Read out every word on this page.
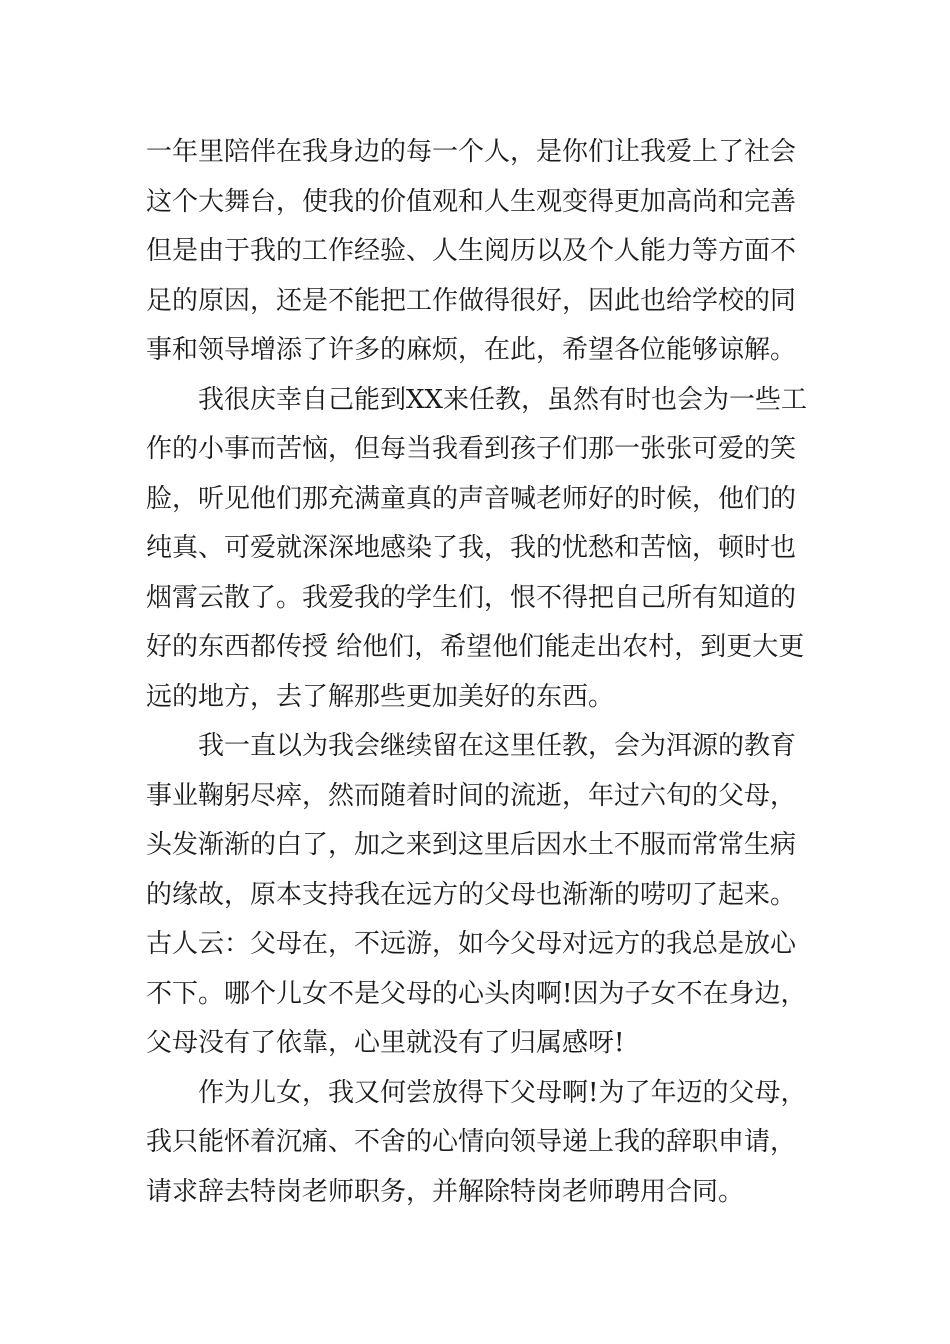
一年里陪伴在我身边的每一个人，是你们让我爱上了社会
这个大舞台，使我的价值观和人生观变得更加高尚和完善
但是由于我的工作经验、人生阅历以及个人能力等方面不
足的原因，还是不能把工作做得很好，因此也给学校的同
事和领导增添了许多的麻烦，在此，希望各位能够谅解。
我很庆幸自己能到XX来任教，虽然有时也会为一些工
作的小事而苦恼，但每当我看到孩子们那一张张可爱的笑
脸，听见他们那充满童真的声音喊老师好的时候，他们的
纯真、可爱就深深地感染了我，我的忧愁和苦恼，顿时也
烟霄云散了。我爱我的学生们，恨不得把自己所有知道的
好的东西都传授 给他们，希望他们能走出农村，到更大更
远的地方，去了解那些更加美好的东西。
我一直以为我会继续留在这里任教，会为洱源的教育
事业鞠躬尽瘁，然而随着时间的流逝，年过六旬的父母，
头发渐渐的白了，加之来到这里后因水土不服而常常生病
的缘故，原本支持我在远方的父母也渐渐的唠叨了起来。
古人云：父母在，不远游，如今父母对远方的我总是放心
不下。哪个儿女不是父母的心头肉啊!因为子女不在身边，
父母没有了依靠，心里就没有了归属感呀!
作为儿女，我又何尝放得下父母啊!为了年迈的父母，
我只能怀着沉痛、不舍的心情向领导递上我的辞职申请，
请求辞去特岗老师职务，并解除特岗老师聘用合同。
